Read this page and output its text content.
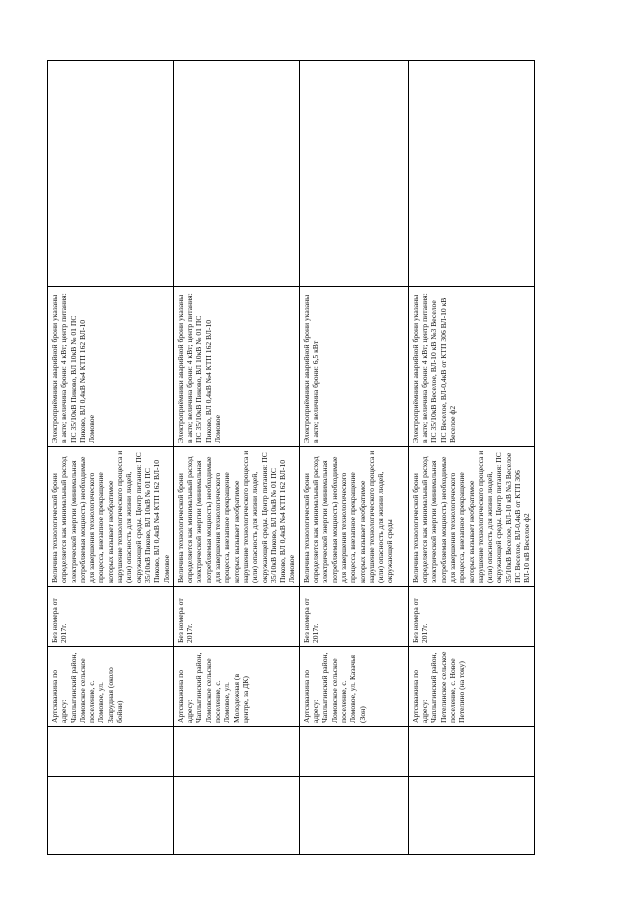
		Артскважина по адресу: Чаплыгинский район, Ломовское сельское поселение, с. Ломовое, ул. Запрудная (около бойни)	Без номера от 2017г.	Величина технологической брони определяется как минимальный расход электрической энергии (минимальная потребляемая мощность) необходимые для завершения технологического процесса, внезапное прекращение которых вызывает необратимое нарушение технологического процесса и (или) опасность для жизни людей, окружающей среды. Центр питания: ПС 35/10кВ Пиково, ВЛ 10кВ № 01 ПС Пиково, ВЛ 0,4кВ №4 КТП 162 ВЛ-10 Ломовое	Электроприёмники аварийной брони указаны в акте; величина брони: 4 кВт; центр питания: ПС 35/10кВ Пиково, ВЛ 10кВ № 01 ПС Пиково, ВЛ 0,4кВ №4 КТП 162 ВЛ-10 Ломовое	
		Артскважина по адресу: Чаплыгинский район, Ломовское сельское поселение, с. Ломовое, ул. Молодежная (в центре, за ДК)	Без номера от 2017г.	Величина технологической брони определяется как минимальный расход электрической энергии (минимальная потребляемая мощность) необходимые для завершения технологического процесса, внезапное прекращение которых вызывает необратимое нарушение технологического процесса и (или) опасность для жизни людей, окружающей среды. Центр питания: ПС 35/10кВ Пиково, ВЛ 10кВ № 01 ПС Пиково, ВЛ 0,4кВ №4 КТП 162 ВЛ-10 Ломовое	Электроприёмники аварийной брони указаны в акте; величина брони: 4 кВт; центр питания: ПС 35/10кВ Пиково, ВЛ 10кВ № 01 ПС Пиково, ВЛ 0,4кВ №4 КТП 162 ВЛ-10 Ломовое	
		Артскважина по адресу: Чаплыгинский район, Ломовское сельское поселение, с. Ломовое, ул. Казачья (Зон)	Без номера от 2017г.	Величина технологической брони определяется как минимальный расход электрической энергии (минимальная потребляемая мощность) необходимые для завершения технологического процесса, внезапное прекращение которых вызывает необратимое нарушение технологического процесса и (или) опасность для жизни людей, окружающей среды	Электроприёмники аварийной брони указаны в акте; величина брони: 6,5 кВт	
		Артскважина по адресу: Чаплыгинский район, Петелинское сельское поселение, с. Новое Петелино (на току)	Без номера от 2017г.	Величина технологической брони определяется как минимальный расход электрической энергии (минимальная потребляемая мощность) необходимые для завершения технологического процесса, внезапное прекращение которых вызывает необратимое нарушение технологического процесса и (или) опасность для жизни людей, окружающей среды. Центр питания: ПС 35/10кВ Веселое, ВЛ-10 кВ №3 Веселое ПС Веселое, ВЛ-0,4кВ от КТП 306 ВЛ-10 кВ Веселое ф2	Электроприёмники аварийной брони указаны в акте; величина брони: 4 кВт; центр питания: ПС 35/10кВ Веселое, ВЛ-10 кВ №3 Веселое ПС Веселое, ВЛ-0,4кВ от КТП 306 ВЛ-10 кВ Веселое ф2	
